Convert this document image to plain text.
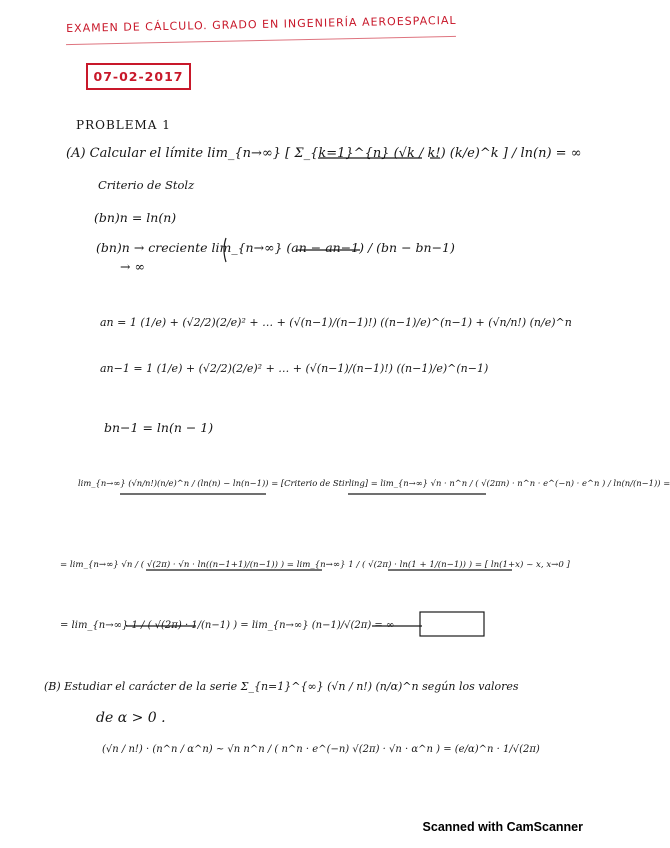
EXAMEN DE CÁLCULO. GRADO EN INGENIERÍA AEROESPACIAL
07-02-2017
PROBLEMA 1
(A) Calcular el límite lim_{n→∞} [ Σ_{k=1}^{n} (√k / k!) (k/e)^k ] / ln(n) = ∞
Criterio de Stolz
(bn)n = ln(n)
(bn)n → creciente lim_{n→∞} (an − an−1) / (bn − bn−1)
→ ∞
an = 1 (1/e) + (√2/2)(2/e)² + … + (√(n−1)/(n−1)!) ((n−1)/e)^(n−1) + (√n/n!) (n/e)^n
an−1 = 1 (1/e) + (√2/2)(2/e)² + … + (√(n−1)/(n−1)!) ((n−1)/e)^(n−1)
bn−1 = ln(n − 1)
lim_{n→∞} (√n/n!)(n/e)^n / (ln(n) − ln(n−1)) = [Criterio de Stirling] = lim_{n→∞} √n · n^n / ( √(2πn) · n^n · e^(−n) · e^n ) / ln(n/(n−1)) =
= lim_{n→∞} √n / ( √(2π) · √n · ln((n−1+1)/(n−1)) ) = lim_{n→∞} 1 / ( √(2π) · ln(1 + 1/(n−1)) ) = [ ln(1+x) ~ x, x→0 ]
= lim_{n→∞} 1 / ( √(2π) · 1/(n−1) ) = lim_{n→∞} (n−1)/√(2π) = ∞
(B) Estudiar el carácter de la serie Σ_{n=1}^{∞} (√n / n!) (n/α)^n según los valores
de α > 0 .
(√n / n!) · (n^n / α^n) ~ √n n^n / ( n^n · e^(−n) √(2π) · √n · α^n ) = (e/α)^n · 1/√(2π)
Scanned with CamScanner
